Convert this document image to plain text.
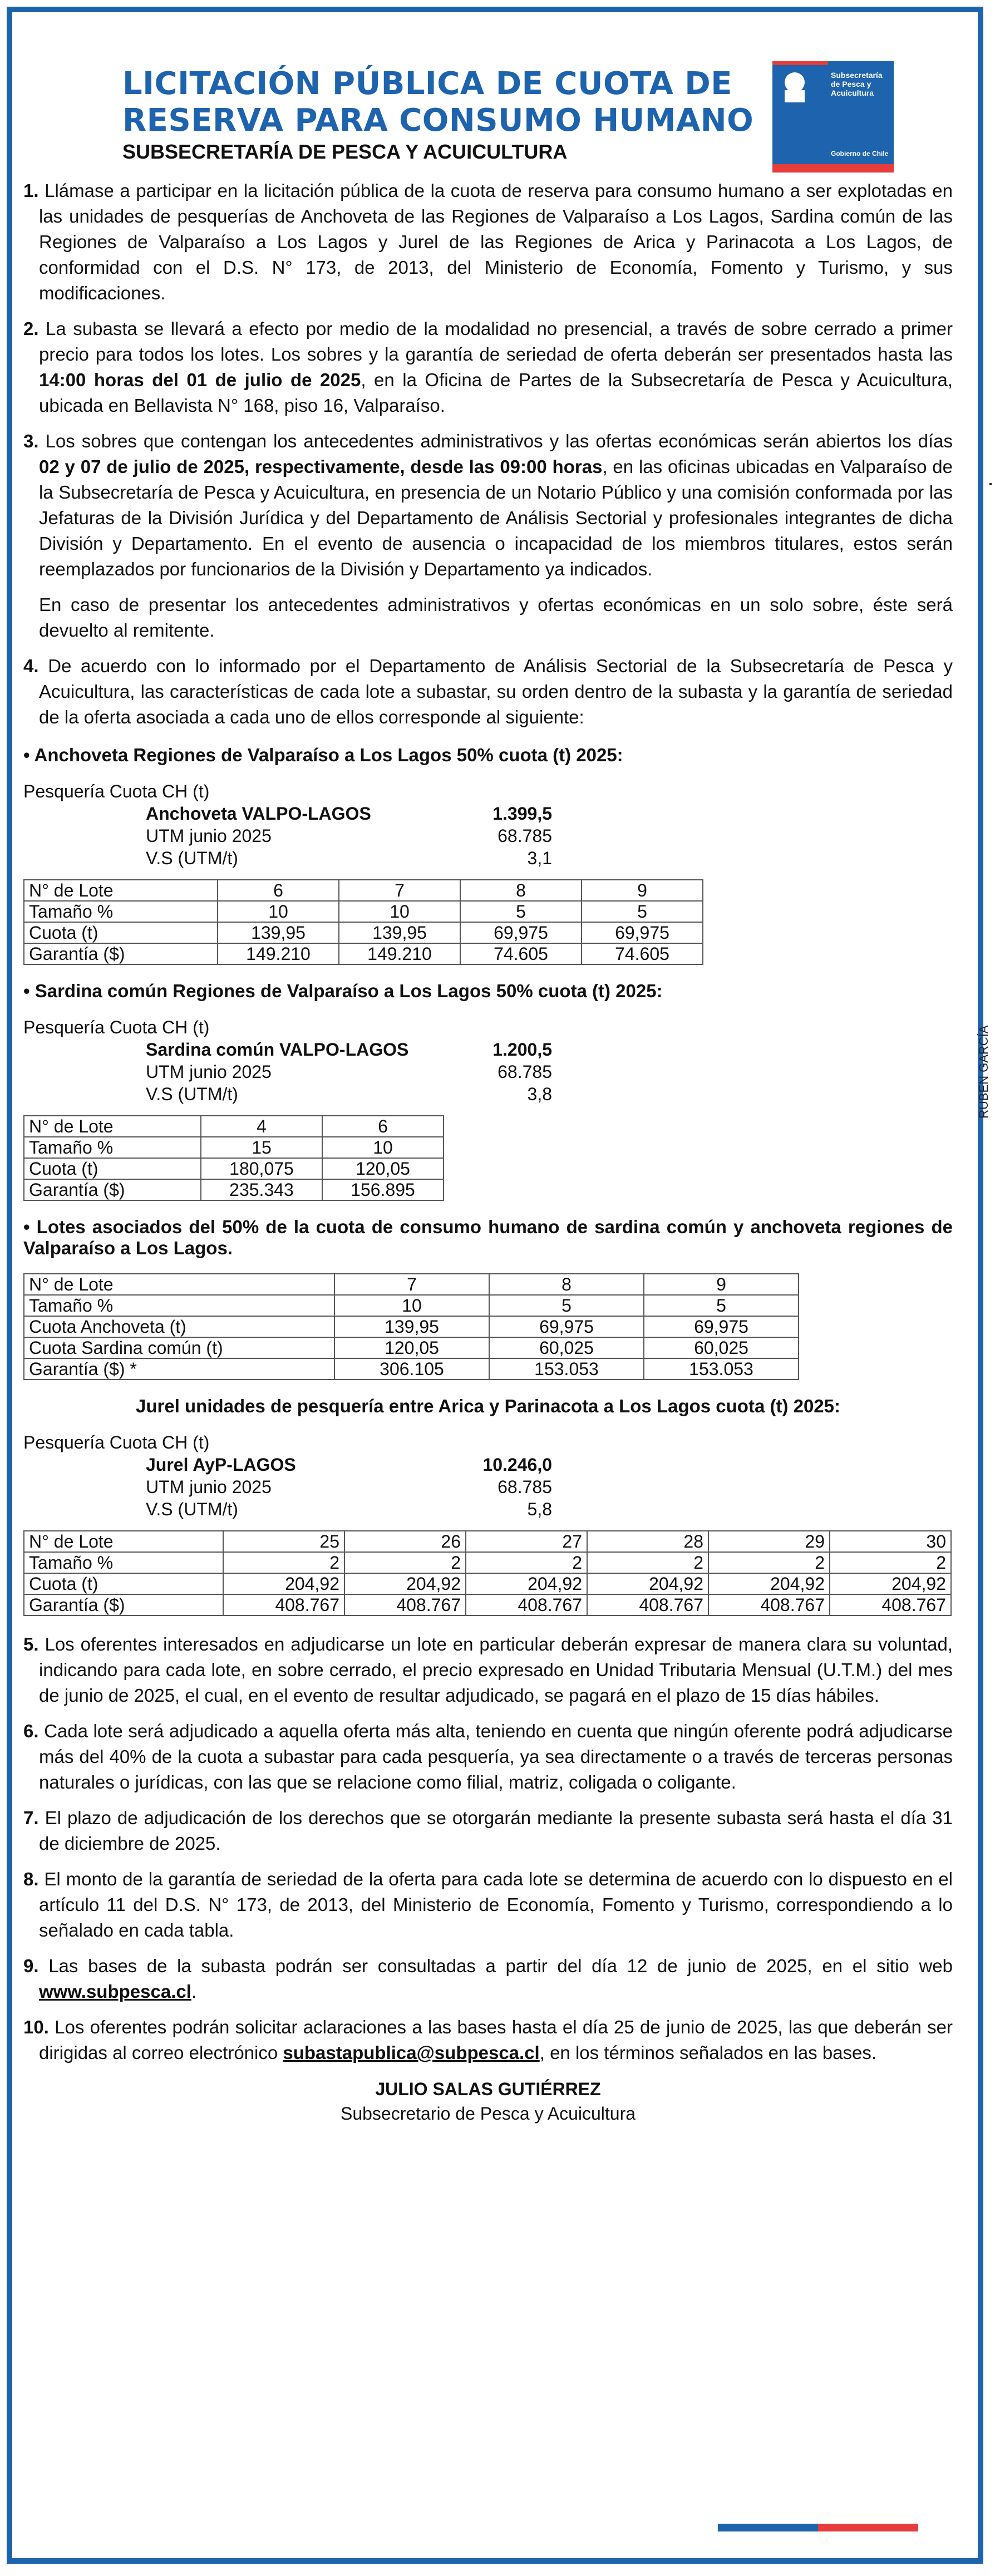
LICITACIÓN PÚBLICA DE CUOTA DE
RESERVA PARA CONSUMO HUMANO
SUBSECRETARÍA DE PESCA Y ACUICULTURA
Subsecretaría
de Pesca y
Acuicultura
Gobierno de Chile

1. Llámase a participar en la licitación pública de la cuota de reserva para consumo humano a ser explotadas en las unidades de pesquerías de Anchoveta de las Regiones de Valparaíso a Los Lagos, Sardina común de las Regiones de Valparaíso a Los Lagos y Jurel de las Regiones de Arica y Parinacota a Los Lagos, de conformidad con el D.S. N° 173, de 2013, del Ministerio de Economía, Fomento y Turismo, y sus modificaciones.

2. La subasta se llevará a efecto por medio de la modalidad no presencial, a través de sobre cerrado a primer precio para todos los lotes. Los sobres y la garantía de seriedad de oferta deberán ser presentados hasta las 14:00 horas del 01 de julio de 2025, en la Oficina de Partes de la Subsecretaría de Pesca y Acuicultura, ubicada en Bellavista N° 168, piso 16, Valparaíso.

3. Los sobres que contengan los antecedentes administrativos y las ofertas económicas serán abiertos los días 02 y 07 de julio de 2025, respectivamente, desde las 09:00 horas, en las oficinas ubicadas en Valparaíso de la Subsecretaría de Pesca y Acuicultura, en presencia de un Notario Público y una comisión conformada por las Jefaturas de la División Jurídica y del Departamento de Análisis Sectorial y profesionales integrantes de dicha División y Departamento. En el evento de ausencia o incapacidad de los miembros titulares, estos serán reemplazados por funcionarios de la División y Departamento ya indicados.

En caso de presentar los antecedentes administrativos y ofertas económicas en un solo sobre, éste será devuelto al remitente.

4. De acuerdo con lo informado por el Departamento de Análisis Sectorial de la Subsecretaría de Pesca y Acuicultura, las características de cada lote a subastar, su orden dentro de la subasta y la garantía de seriedad de la oferta asociada a cada uno de ellos corresponde al siguiente:

• Anchoveta Regiones de Valparaíso a Los Lagos 50% cuota (t) 2025:
Pesquería Cuota CH (t)
Anchoveta VALPO-LAGOS	1.399,5
UTM junio 2025	68.785
V.S (UTM/t)	3,1
N° de Lote	6	7	8	9
Tamaño %	10	10	5	5
Cuota (t)	139,95	139,95	69,975	69,975
Garantía ($)	149.210	149.210	74.605	74.605
• Sardina común Regiones de Valparaíso a Los Lagos 50% cuota (t) 2025:
Pesquería Cuota CH (t)
Sardina común VALPO-LAGOS	1.200,5
UTM junio 2025	68.785
V.S (UTM/t)	3,8
N° de Lote	4	6
Tamaño %	15	10
Cuota (t)	180,075	120,05
Garantía ($)	235.343	156.895
• Lotes asociados del 50% de la cuota de consumo humano de sardina común y anchoveta regiones de Valparaíso a Los Lagos.
N° de Lote	7	8	9
Tamaño %	10	5	5
Cuota Anchoveta (t)	139,95	69,975	69,975
Cuota Sardina común (t)	120,05	60,025	60,025
Garantía ($) *	306.105	153.053	153.053
Jurel unidades de pesquería entre Arica y Parinacota a Los Lagos cuota (t) 2025:
Pesquería Cuota CH (t)
Jurel AyP-LAGOS	10.246,0
UTM junio 2025	68.785
V.S (UTM/t)	5,8
N° de Lote	25	26	27	28	29	30
Tamaño %	2	2	2	2	2	2
Cuota (t)	204,92	204,92	204,92	204,92	204,92	204,92
Garantía ($)	408.767	408.767	408.767	408.767	408.767	408.767

5. Los oferentes interesados en adjudicarse un lote en particular deberán expresar de manera clara su voluntad, indicando para cada lote, en sobre cerrado, el precio expresado en Unidad Tributaria Mensual (U.T.M.) del mes de junio de 2025, el cual, en el evento de resultar adjudicado, se pagará en el plazo de 15 días hábiles.

6. Cada lote será adjudicado a aquella oferta más alta, teniendo en cuenta que ningún oferente podrá adjudicarse más del 40% de la cuota a subastar para cada pesquería, ya sea directamente o a través de terceras personas naturales o jurídicas, con las que se relacione como filial, matriz, coligada o coligante.

7. El plazo de adjudicación de los derechos que se otorgarán mediante la presente subasta será hasta el día 31 de diciembre de 2025.

8. El monto de la garantía de seriedad de la oferta para cada lote se determina de acuerdo con lo dispuesto en el artículo 11 del D.S. N° 173, de 2013, del Ministerio de Economía, Fomento y Turismo, correspondiendo a lo señalado en cada tabla.

9. Las bases de la subasta podrán ser consultadas a partir del día 12 de junio de 2025, en el sitio web www.subpesca.cl.

10. Los oferentes podrán solicitar aclaraciones a las bases hasta el día 25 de junio de 2025, las que deberán ser dirigidas al correo electrónico subastapublica@subpesca.cl, en los términos señalados en las bases.

JULIO SALAS GUTIÉRREZ
Subsecretario de Pesca y Acuicultura
RUBEN GARCÍA
